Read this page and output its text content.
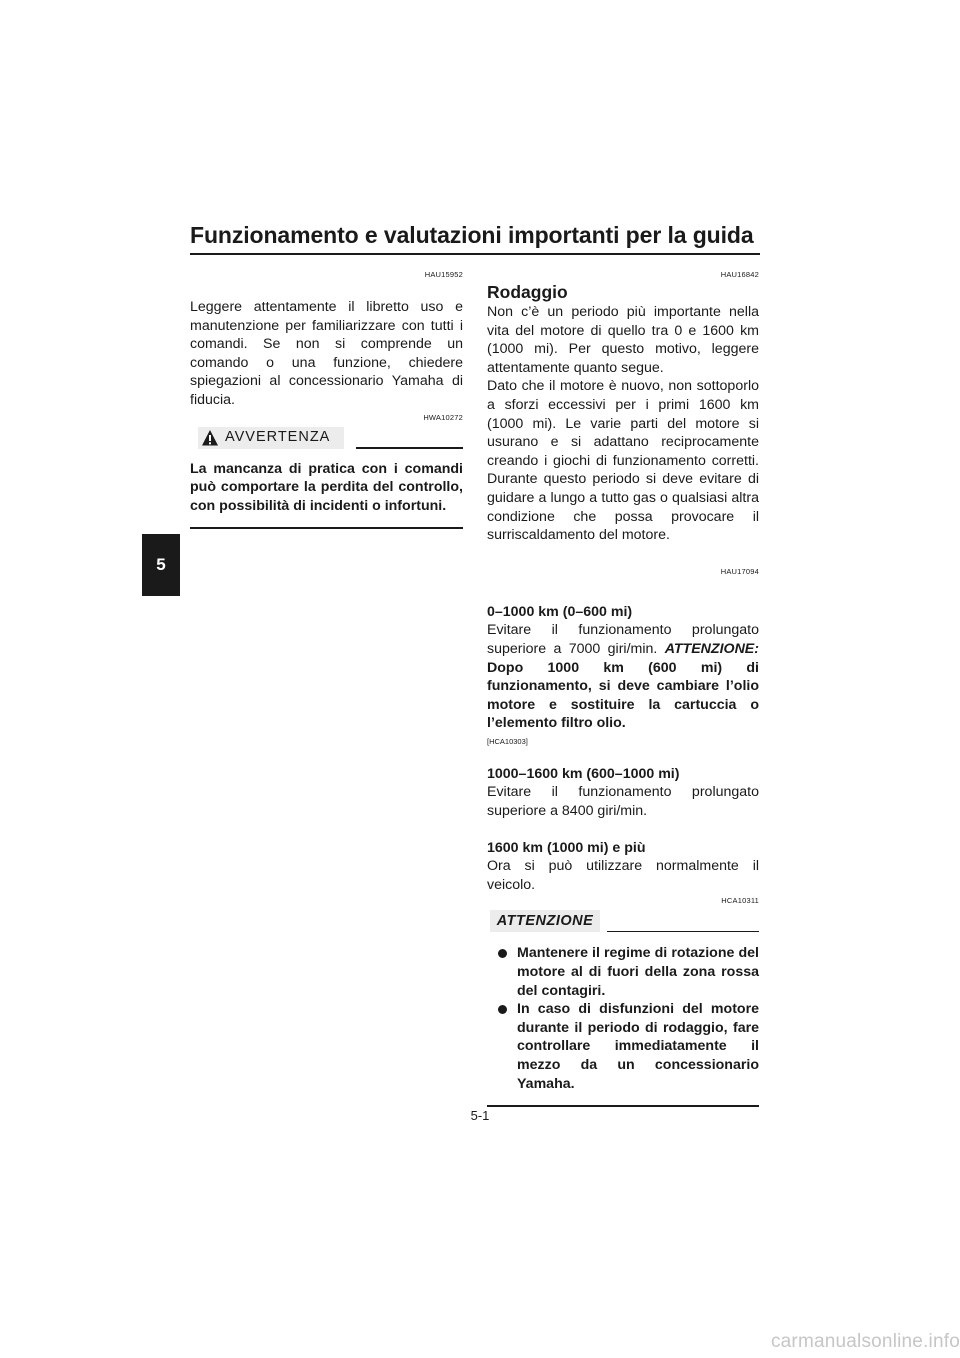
Funzionamento e valutazioni importanti per la guida
5
HAU15952

Leggere attentamente il libretto uso e manutenzione per familiarizzare con tutti i comandi. Se non si comprende un comando o una funzione, chiedere spiegazioni al concessionario Yamaha di fiducia.

HWA10272
AVVERTENZA

La mancanza di pratica con i comandi può comportare la perdita del controllo, con possibilità di incidenti o infortuni.

HAU16842
Rodaggio

Non c’è un periodo più importante nella vita del motore di quello tra 0 e 1600 km (1000 mi). Per questo motivo, leggere attentamente quanto segue.

Dato che il motore è nuovo, non sottoporlo a sforzi eccessivi per i primi 1600 km (1000 mi). Le varie parti del motore si usurano e si adattano reciprocamente creando i giochi di funzionamento corretti. Durante questo periodo si deve evitare di guidare a lungo a tutto gas o qualsiasi altra condizione che possa provocare il surriscaldamento del motore.

HAU17094
0–1000 km (0–600 mi)

Evitare il funzionamento prolungato superiore a 7000 giri/min. ATTENZIONE: Dopo 1000 km (600 mi) di funzionamento, si deve cambiare l’olio motore e sostituire la cartuccia o l’elemento filtro olio.

[HCA10303]
1000–1600 km (600–1000 mi)

Evitare il funzionamento prolungato superiore a 8400 giri/min.

1600 km (1000 mi) e più

Ora si può utilizzare normalmente il veicolo.

HCA10311
ATTENZIONE
Mantenere il regime di rotazione del motore al di fuori della zona rossa del contagiri.
In caso di disfunzioni del motore durante il periodo di rodaggio, fare controllare immediatamente il mezzo da un concessionario Yamaha.
5-1
carmanualsonline.info
